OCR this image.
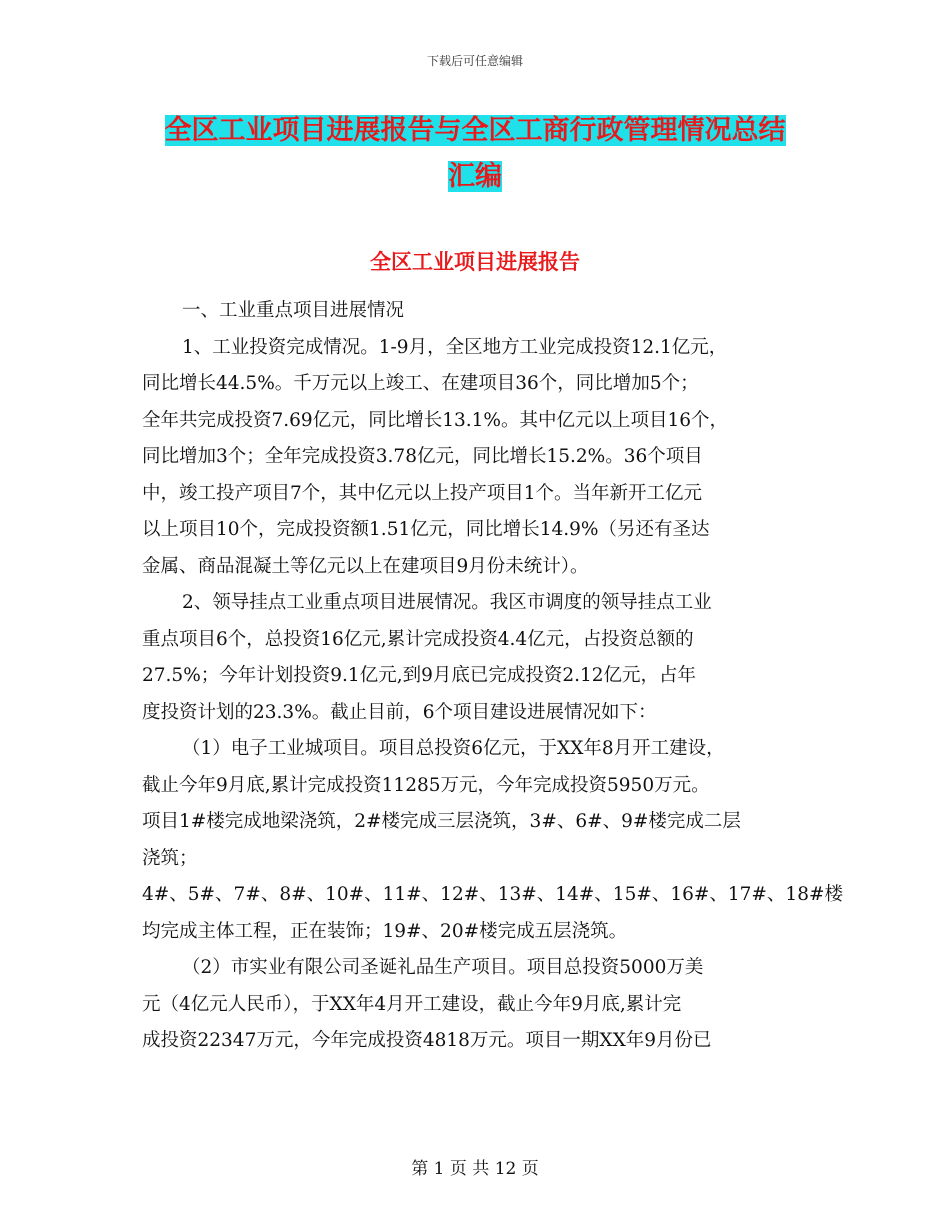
下载后可任意编辑
全区工业项目进展报告与全区工商行政管理情况总结
汇编
全区工业项目进展报告

一、工业重点项目进展情况

1、工业投资完成情况。1-9月，全区地方工业完成投资12.1亿元，

同比增长44.5%。千万元以上竣工、在建项目36个，同比增加5个；

全年共完成投资7.69亿元，同比增长13.1%。其中亿元以上项目16个，

同比增加3个；全年完成投资3.78亿元，同比增长15.2%。36个项目

中，竣工投产项目7个，其中亿元以上投产项目1个。当年新开工亿元

以上项目10个，完成投资额1.51亿元，同比增长14.9%（另还有圣达

金属、商品混凝土等亿元以上在建项目9月份未统计）。

2、领导挂点工业重点项目进展情况。我区市调度的领导挂点工业

重点项目6个，总投资16亿元,累计完成投资4.4亿元，占投资总额的

27.5%；今年计划投资9.1亿元,到9月底已完成投资2.12亿元，占年

度投资计划的23.3%。截止目前，6个项目建设进展情况如下：

（1）电子工业城项目。项目总投资6亿元，于XX年8月开工建设，

截止今年9月底,累计完成投资11285万元，今年完成投资5950万元。

项目1#楼完成地梁浇筑，2#楼完成三层浇筑，3#、6#、9#楼完成二层

浇筑；

4#、5#、7#、8#、10#、11#、12#、13#、14#、15#、16#、17#、18#楼

均完成主体工程，正在装饰；19#、20#楼完成五层浇筑。

（2）市实业有限公司圣诞礼品生产项目。项目总投资5000万美

元（4亿元人民币），于XX年4月开工建设，截止今年9月底,累计完

成投资22347万元，今年完成投资4818万元。项目一期XX年9月份已

第 1 页 共 12 页
